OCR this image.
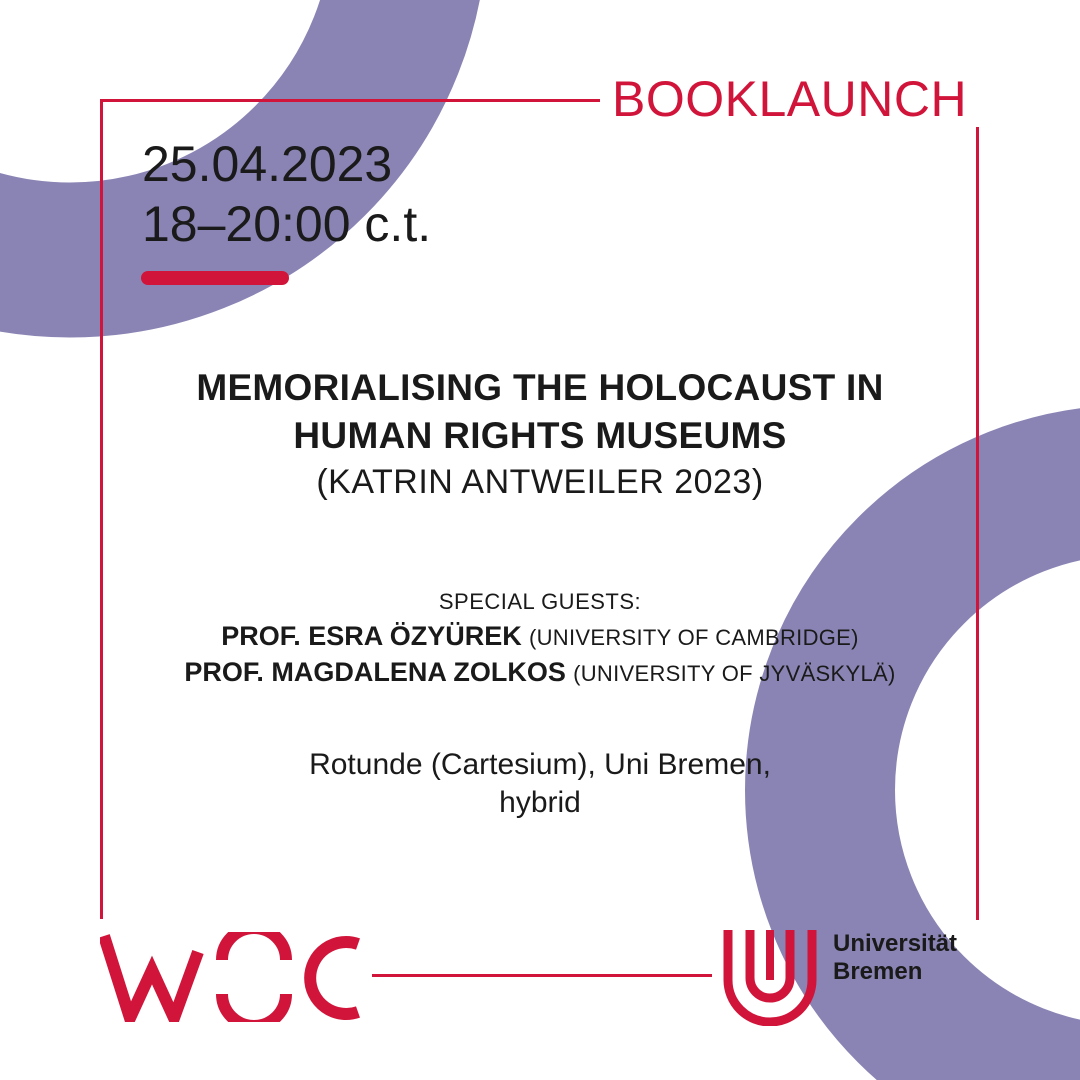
BOOKLAUNCH
25.04.2023
18–20:00 c.t.
MEMORIALISING THE HOLOCAUST IN
HUMAN RIGHTS MUSEUMS
(KATRIN ANTWEILER 2023)
SPECIAL GUESTS:
PROF. ESRA ÖZYÜREK (UNIVERSITY OF CAMBRIDGE)
PROF. MAGDALENA ZOLKOS (UNIVERSITY OF JYVÄSKYLÄ)
Rotunde (Cartesium), Uni Bremen,
hybrid
Universität
Bremen
